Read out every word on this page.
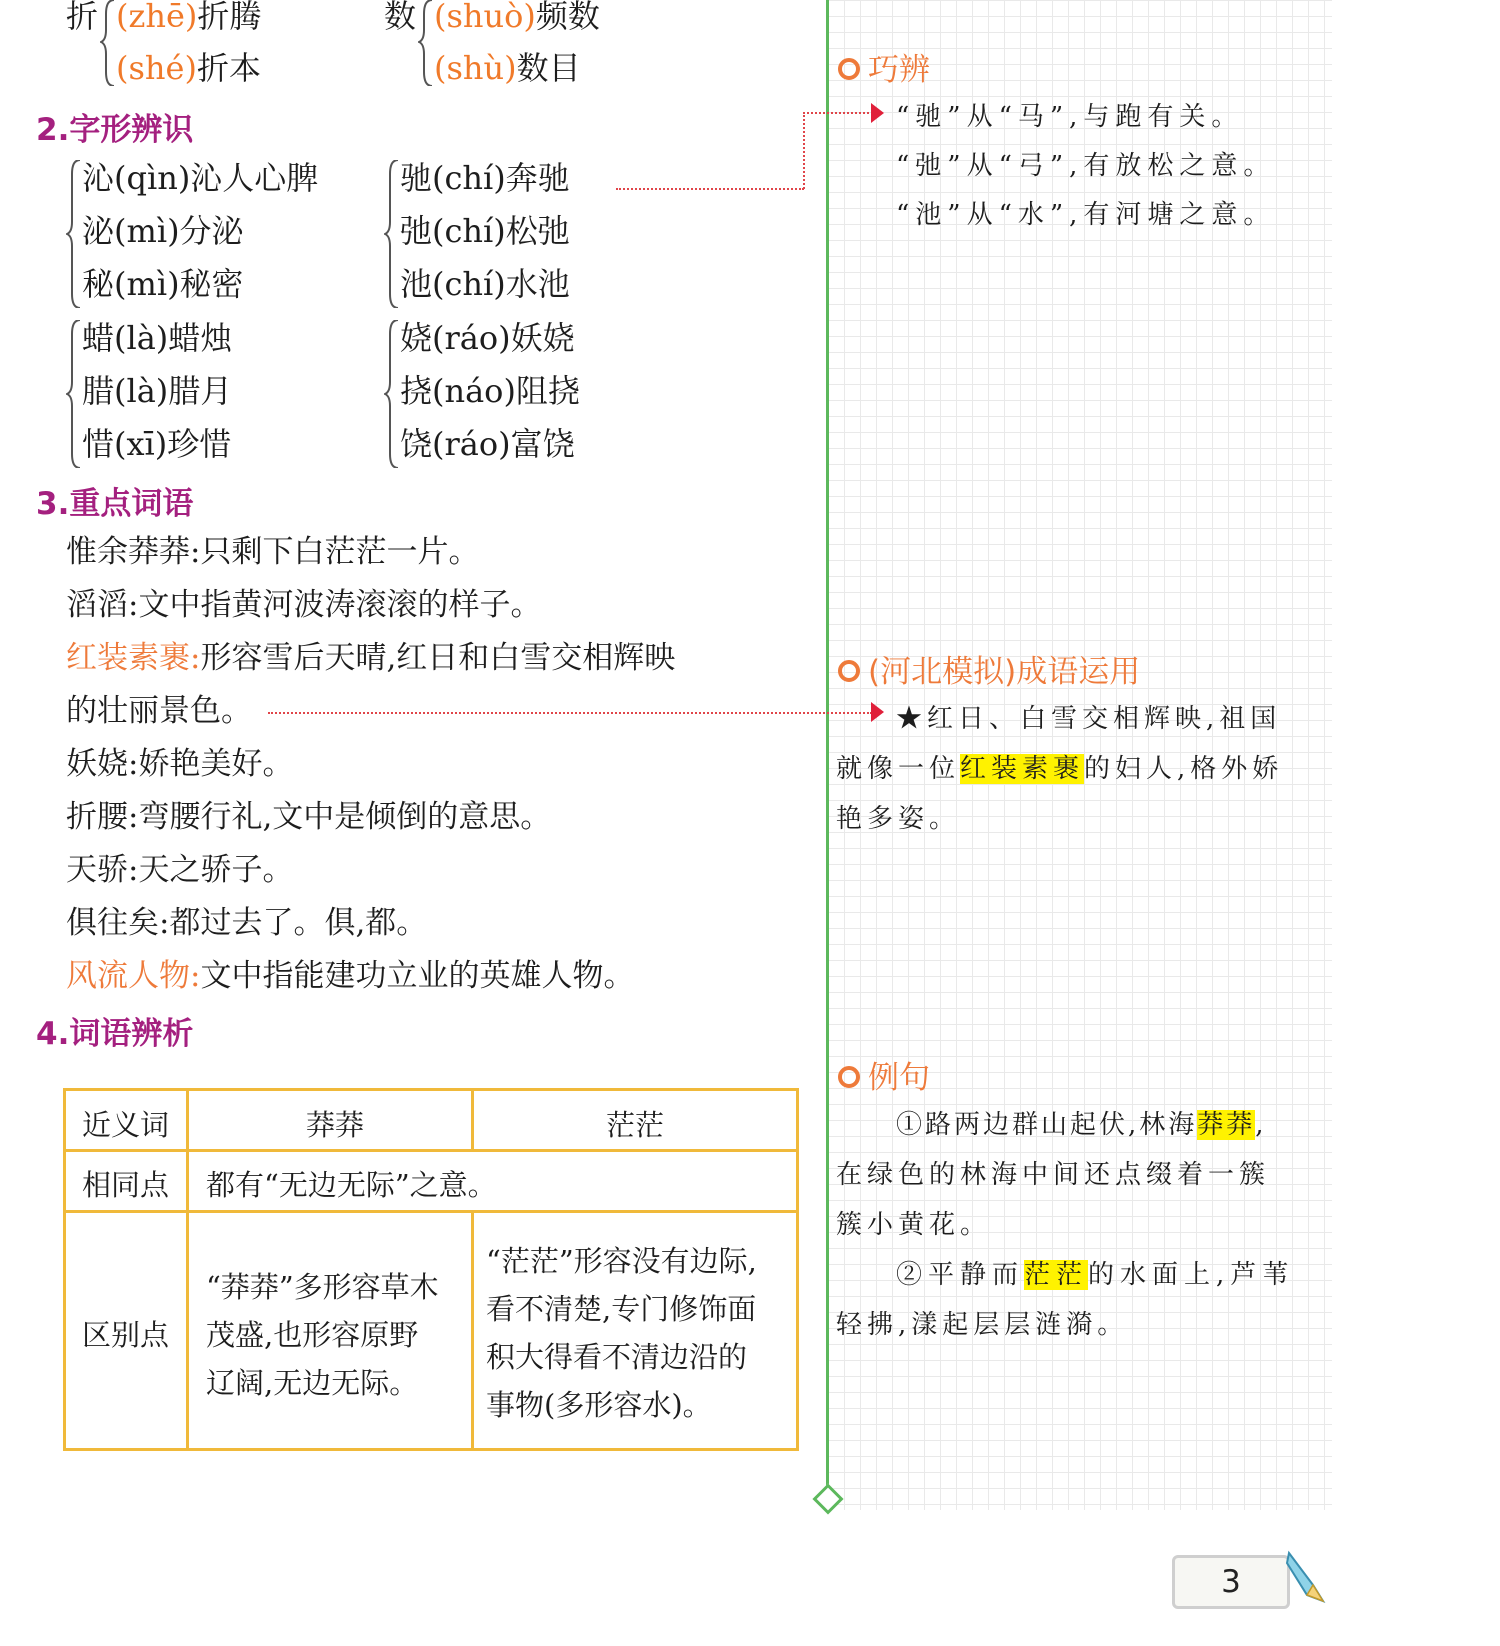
折 (zhē)折腾
(shé)折本
数 (shuò)频数
(shù)数目
2.字形辨识
沁(qìn)沁人心脾
泌(mì)分泌
秘(mì)秘密
驰(chí)奔驰
弛(chí)松弛
池(chí)水池
蜡(là)蜡烛
腊(là)腊月
惜(xī)珍惜
娆(ráo)妖娆
挠(náo)阻挠
饶(ráo)富饶
3.重点词语
惟余莽莽:只剩下白茫茫一片。
滔滔:文中指黄河波涛滚滚的样子。
红装素裹:形容雪后天晴,红日和白雪交相辉映
的壮丽景色。
妖娆:娇艳美好。
折腰:弯腰行礼,文中是倾倒的意思。
天骄:天之骄子。
俱往矣:都过去了。俱,都。
风流人物:文中指能建功立业的英雄人物。
4.词语辨析
近义词	莽莽	茫茫
相同点 都有“无边无际”之意。
区别点
“莽莽”多形容草木
茂盛,也形容原野
辽阔,无边无际。
“茫茫”形容没有边际,
看不清楚,专门修饰面
积大得看不清边沿的
事物(多形容水)。
巧辨
“驰”从“马”,与跑有关。
“弛”从“弓”,有放松之意。
“池”从“水”,有河塘之意。
(河北模拟)成语运用
★红日、白雪交相辉映,祖国
就像一位红装素裹的妇人,格外娇
艳多姿。
例句
①路两边群山起伏,林海莽莽,
在绿色的林海中间还点缀着一簇
簇小黄花。
②平静而茫茫的水面上,芦苇
轻拂,漾起层层涟漪。
3
